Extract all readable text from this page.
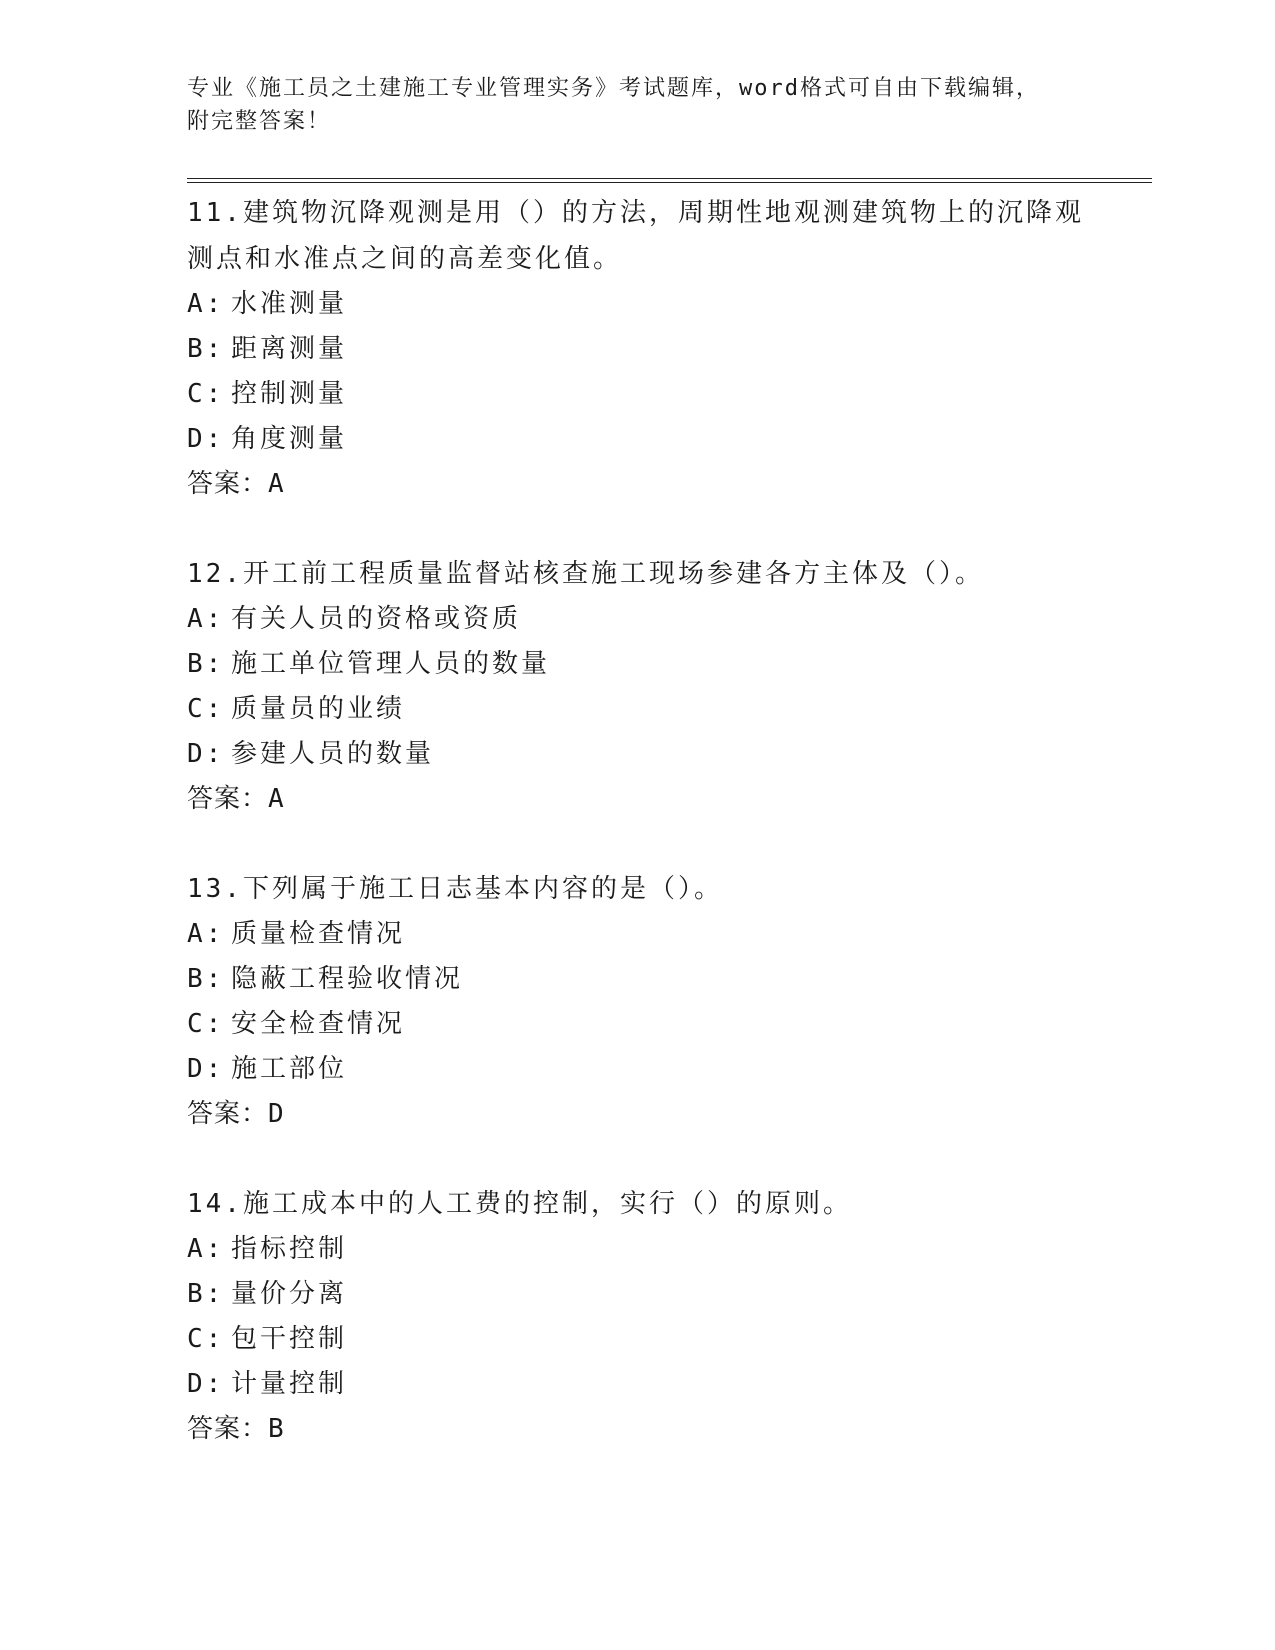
专业《施工员之土建施工专业管理实务》考试题库，word格式可自由下载编辑，
附完整答案！
11.建筑物沉降观测是用（）的方法，周期性地观测建筑物上的沉降观测点和水准点之间的高差变化值。
A: 水准测量
B: 距离测量
C: 控制测量
D: 角度测量
答案：A
12.开工前工程质量监督站核查施工现场参建各方主体及（）。
A: 有关人员的资格或资质
B: 施工单位管理人员的数量
C: 质量员的业绩
D: 参建人员的数量
答案：A
13.下列属于施工日志基本内容的是（）。
A: 质量检查情况
B: 隐蔽工程验收情况
C: 安全检查情况
D: 施工部位
答案：D
14.施工成本中的人工费的控制，实行（）的原则。
A: 指标控制
B: 量价分离
C: 包干控制
D: 计量控制
答案：B
